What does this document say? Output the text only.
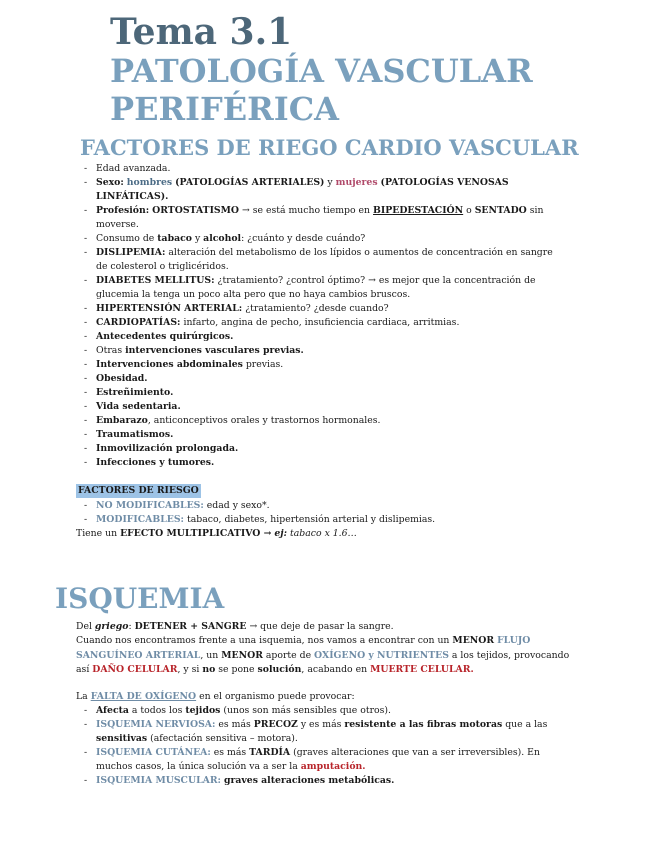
Tema 3.1
PATOLOGÍA VASCULAR PERIFÉRICA
FACTORES DE RIEGO CARDIO VASCULAR
- Edad avanzada.
- Sexo: hombres (PATOLOGÍAS ARTERIALES) y mujeres (PATOLOGÍAS VENOSAS LINFÁTICAS).
- Profesión: ORTOSTATISMO → se está mucho tiempo en BIPEDESTACIÓN o SENTADO sin moverse.
- Consumo de tabaco y alcohol: ¿cuánto y desde cuándo?
- DISLIPEMIA: alteración del metabolismo de los lípidos o aumentos de concentración en sangre de colesterol o triglicéridos.
- DIABETES MELLITUS: ¿tratamiento? ¿control óptimo? → es mejor que la concentración de glucemia la tenga un poco alta pero que no haya cambios bruscos.
- HIPERTENSIÓN ARTERIAL: ¿tratamiento? ¿desde cuando?
- CARDIOPATÍAS: infarto, angina de pecho, insuficiencia cardiaca, arritmias.
- Antecedentes quirúrgicos.
- Otras intervenciones vasculares previas.
- Intervenciones abdominales previas.
- Obesidad.
- Estreñimiento.
- Vida sedentaria.
- Embarazo, anticonceptivos orales y trastornos hormonales.
- Traumatismos.
- Inmovilización prolongada.
- Infecciones y tumores.
FACTORES DE RIESGO
- NO MODIFICABLES: edad y sexo*.
- MODIFICABLES: tabaco, diabetes, hipertensión arterial y dislipemias.
Tiene un EFECTO MULTIPLICATIVO → ej: tabaco x 1.6…
ISQUEMIA

Del griego: DETENER + SANGRE → que deje de pasar la sangre.

Cuando nos encontramos frente a una isquemia, nos vamos a encontrar con un MENOR FLUJO SANGUÍNEO ARTERIAL, un MENOR aporte de OXÍGENO y NUTRIENTES a los tejidos, provocando así DAÑO CELULAR, y si no se pone solución, acabando en MUERTE CELULAR.

La FALTA DE OXÍGENO en el organismo puede provocar:

- Afecta a todos los tejidos (unos son más sensibles que otros).
- ISQUEMIA NERVIOSA: es más PRECOZ y es más resistente a las fibras motoras que a las sensitivas (afectación sensitiva – motora).
- ISQUEMIA CUTÁNEA: es más TARDÍA (graves alteraciones que van a ser irreversibles). En muchos casos, la única solución va a ser la amputación.
- ISQUEMIA MUSCULAR: graves alteraciones metabólicas.
